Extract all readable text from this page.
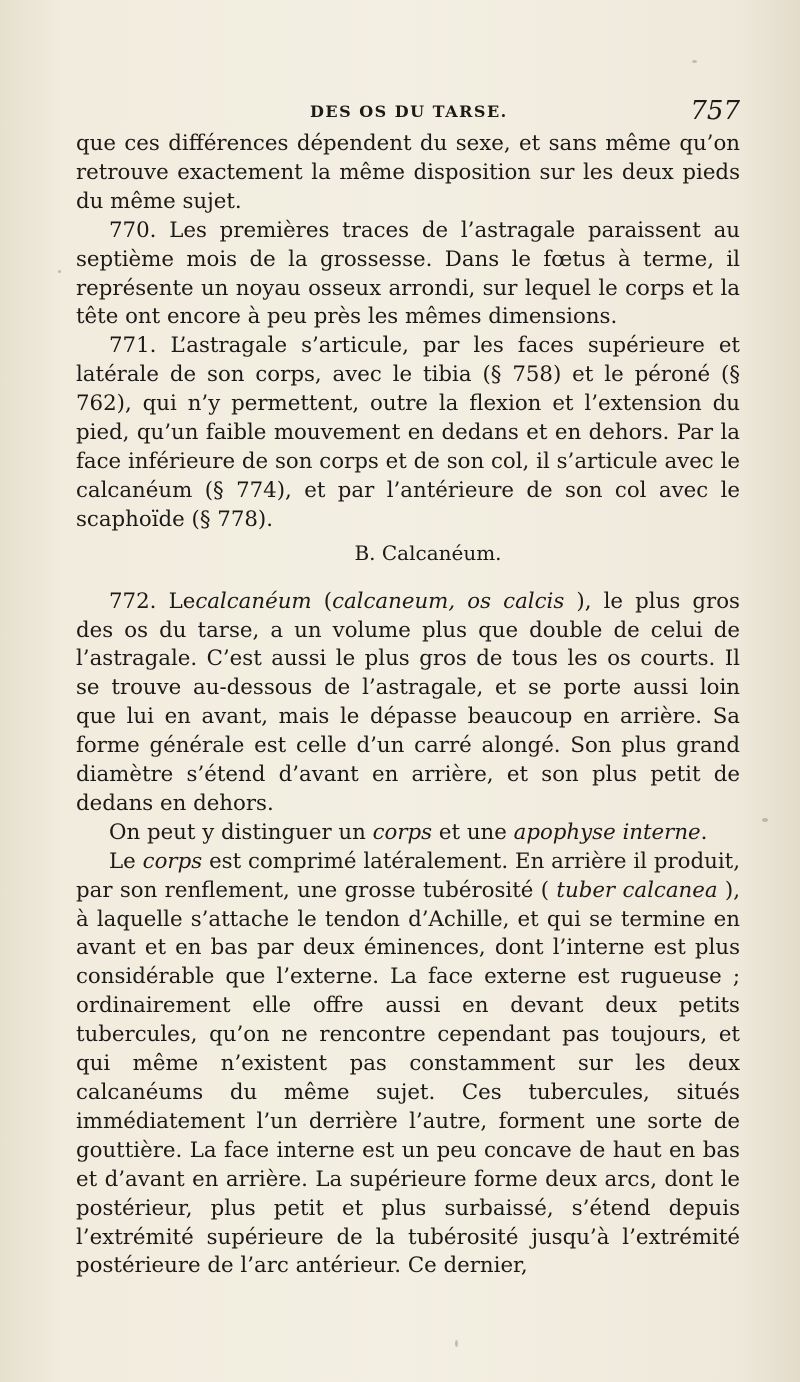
DES OS DU TARSE.	757

que ces différences dépendent du sexe, et sans même qu’on retrouve exactement la même disposition sur les deux pieds du même sujet.

770. Les premières traces de l’astragale paraissent au septième mois de la grossesse. Dans le fœtus à terme, il représente un noyau osseux arrondi, sur lequel le corps et la tête ont encore à peu près les mêmes dimensions.

771. L’astragale s’articule, par les faces supérieure et latérale de son corps, avec le tibia (§ 758) et le péroné (§ 762), qui n’y permettent, outre la flexion et l’extension du pied, qu’un faible mouvement en dedans et en dehors. Par la face inférieure de son corps et de son col, il s’articule avec le calcanéum (§ 774), et par l’antérieure de son col avec le scaphoïde (§ 778).

B. Calcanéum.

772. Lecalcanéum (calcaneum, os calcis ), le plus gros des os du tarse, a un volume plus que double de celui de l’astragale. C’est aussi le plus gros de tous les os courts. Il se trouve au-dessous de l’astragale, et se porte aussi loin que lui en avant, mais le dépasse beaucoup en arrière. Sa forme générale est celle d’un carré alongé. Son plus grand diamètre s’étend d’avant en arrière, et son plus petit de dedans en dehors.

On peut y distinguer un corps et une apophyse interne.

Le corps est comprimé latéralement. En arrière il produit, par son renflement, une grosse tubérosité ( tuber calcanea ), à laquelle s’attache le tendon d’Achille, et qui se termine en avant et en bas par deux éminences, dont l’interne est plus considérable que l’externe. La face externe est rugueuse ; ordinairement elle offre aussi en devant deux petits tubercules, qu’on ne rencontre cependant pas toujours, et qui même n’existent pas constamment sur les deux calcanéums du même sujet. Ces tubercules, situés immédiatement l’un derrière l’autre, forment une sorte de gouttière. La face interne est un peu concave de haut en bas et d’avant en arrière. La supérieure forme deux arcs, dont le postérieur, plus petit et plus surbaissé, s’étend depuis l’extrémité supérieure de la tubérosité jusqu’à l’extrémité postérieure de l’arc antérieur. Ce dernier,
